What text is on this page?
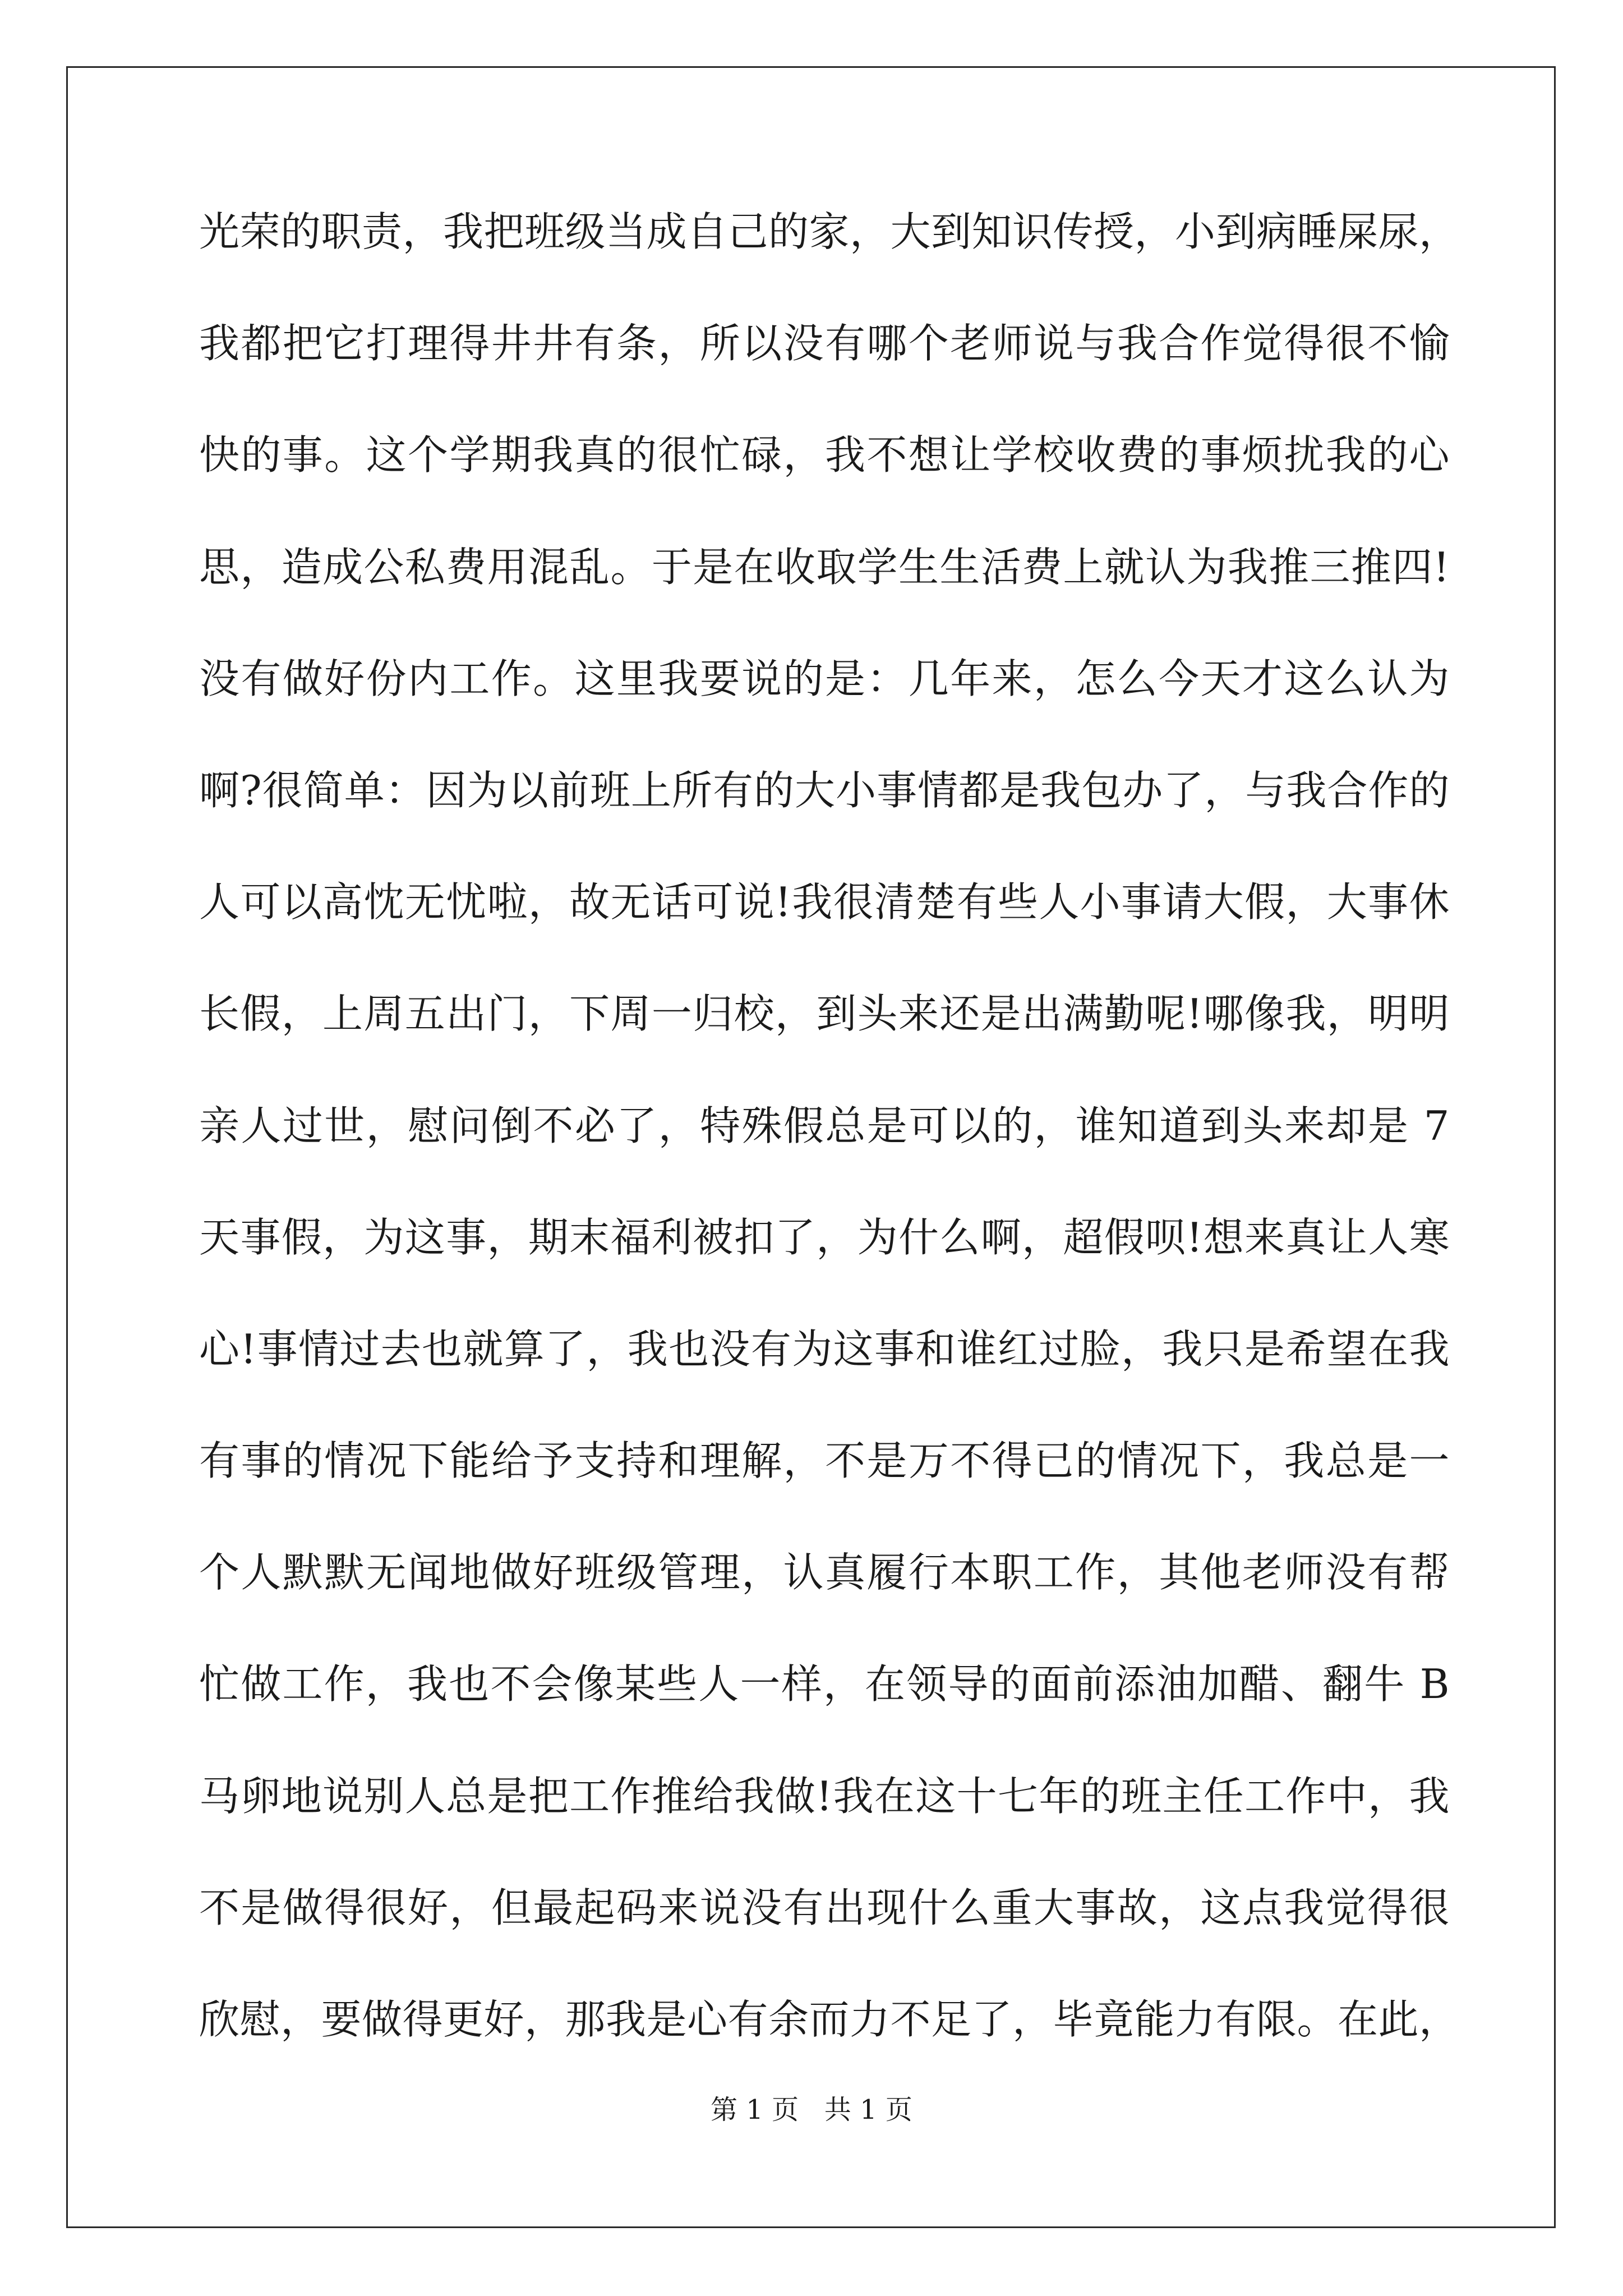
光荣的职责，我把班级当成自己的家，大到知识传授，小到病睡屎尿，
我都把它打理得井井有条，所以没有哪个老师说与我合作觉得很不愉
快的事。这个学期我真的很忙碌，我不想让学校收费的事烦扰我的心
思，造成公私费用混乱。于是在收取学生生活费上就认为我推三推四!
没有做好份内工作。这里我要说的是：几年来，怎么今天才这么认为
啊?很简单：因为以前班上所有的大小事情都是我包办了，与我合作的
人可以高忱无忧啦，故无话可说!我很清楚有些人小事请大假，大事休
长假，上周五出门，下周一归校，到头来还是出满勤呢!哪像我，明明
亲人过世，慰问倒不必了，特殊假总是可以的，谁知道到头来却是 7
天事假，为这事，期末福利被扣了，为什么啊，超假呗!想来真让人寒
心!事情过去也就算了，我也没有为这事和谁红过脸，我只是希望在我
有事的情况下能给予支持和理解，不是万不得已的情况下，我总是一
个人默默无闻地做好班级管理，认真履行本职工作，其他老师没有帮
忙做工作，我也不会像某些人一样，在领导的面前添油加醋、翻牛 B
马卵地说别人总是把工作推给我做!我在这十七年的班主任工作中，我
不是做得很好，但最起码来说没有出现什么重大事故，这点我觉得很
欣慰，要做得更好，那我是心有余而力不足了，毕竟能力有限。在此，
第 1 页   共 1 页
